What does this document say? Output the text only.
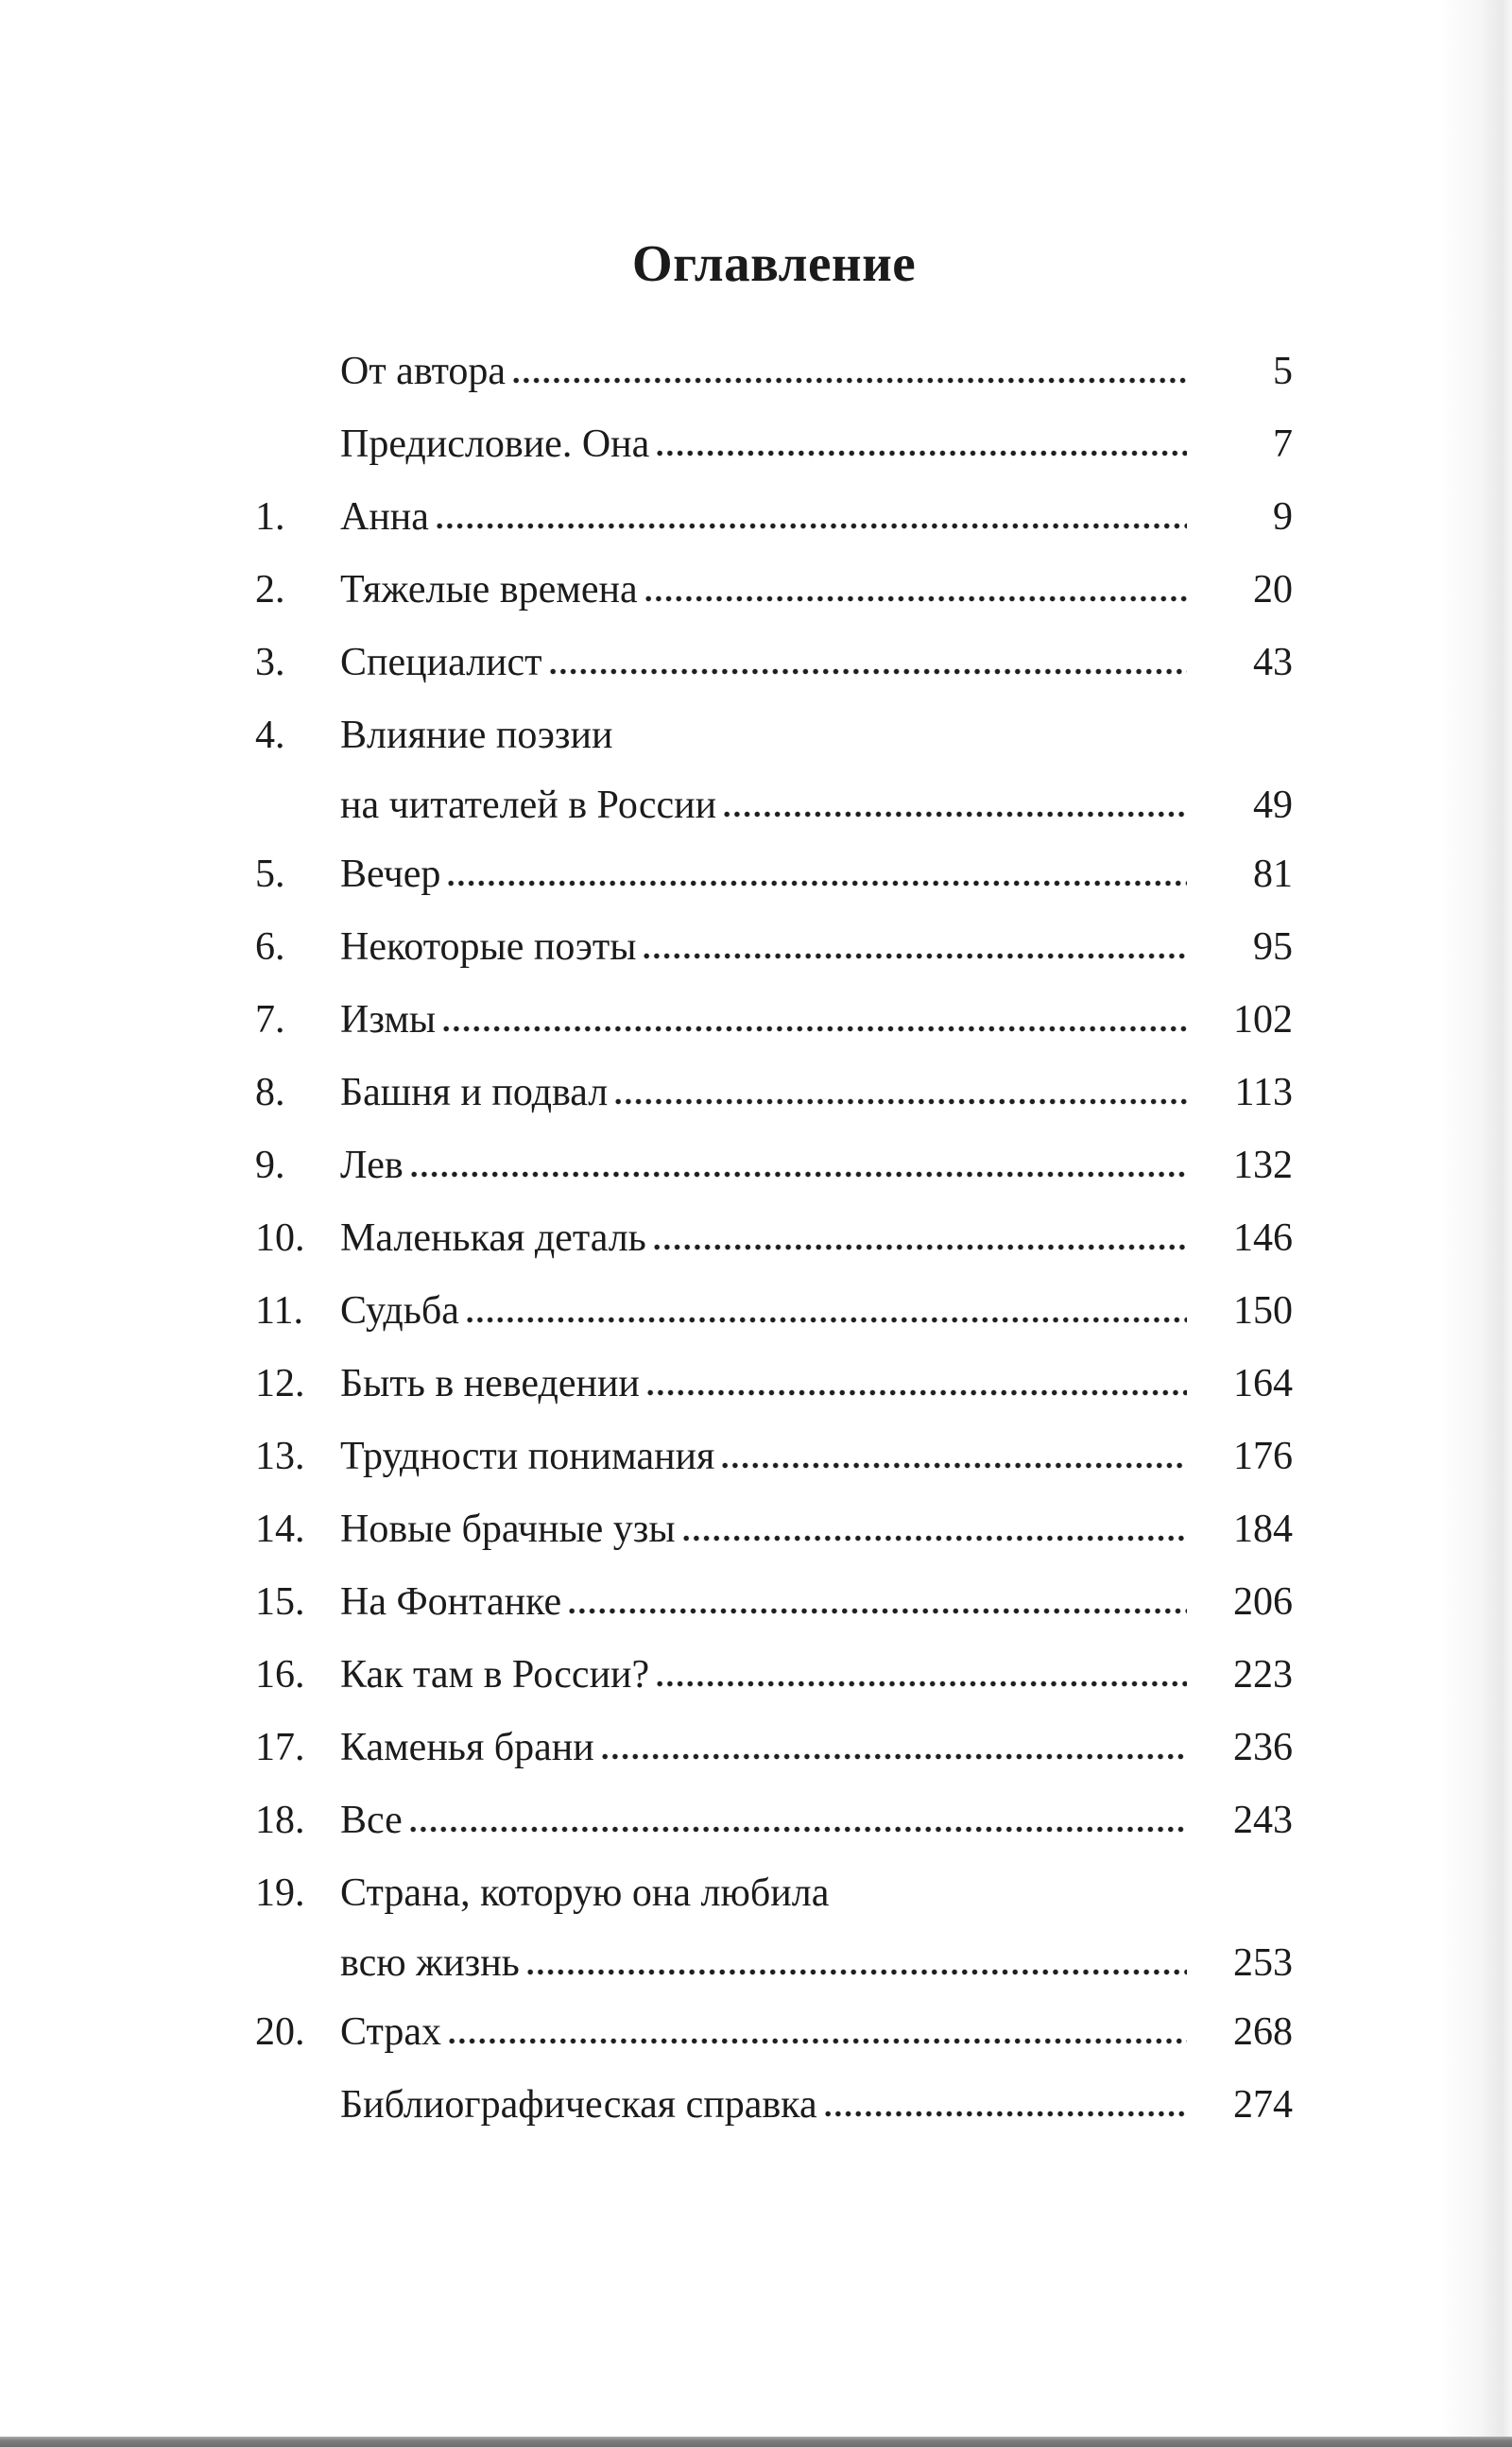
Оглавление
От автора	5
Предисловие. Она	7
1.	Анна	9
2.	Тяжелые времена	20
3.	Специалист	43
4.	Влияние поэзии
на читателей в России	49
5.	Вечер	81
6.	Некоторые поэты	95
7.	Измы	102
8.	Башня и подвал	113
9.	Лев	132
10. Маленькая деталь	146
11. Судьба	150
12. Быть в неведении	164
13. Трудности понимания	176
14. Новые брачные узы	184
15. На Фонтанке	206
16. Как там в России?	223
17. Каменья брани	236
18. Все	243
19. Страна, которую она любила
всю жизнь	253
20. Страх	268
Библиографическая справка	274
